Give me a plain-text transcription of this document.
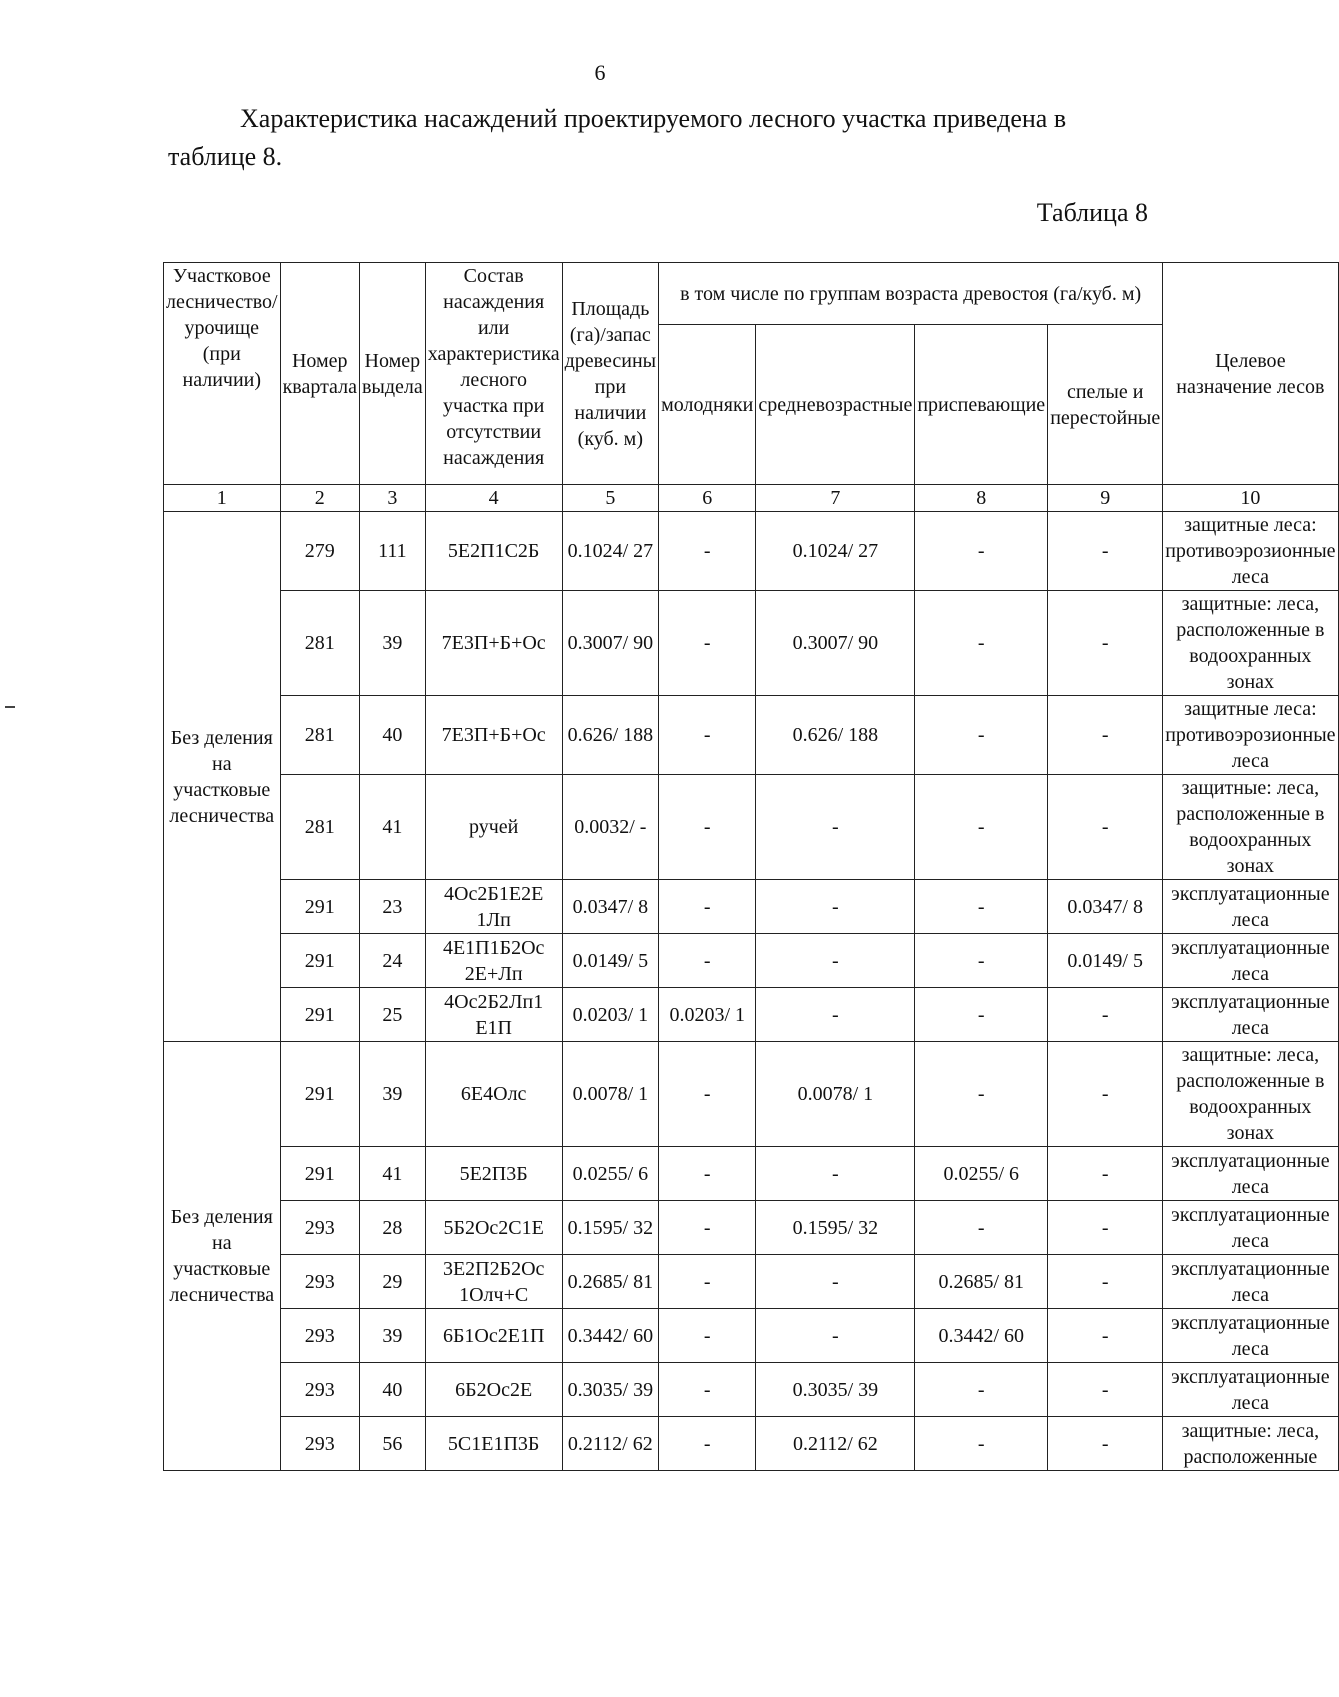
6
Характеристика насаждений проектируемого лесного участка приведена в таблице 8.
Таблица 8
Участковое лесничество/ урочище (при наличии)	Номер квартала	Номер выдела	Состав насаждения или характеристика лесного участка при отсутствии насаждения	Площадь (га)/запас древесины при наличии (куб. м)	в том числе по группам возраста древостоя (га/куб. м)				Целевое назначение лесов
					молодняки	средневозрастные	приспевающие	спелые и перестойные	
1	2	3	4	5	6	7	8	9	10
Без деления на участковые лесничества	279	111	5Е2П1С2Б	0.1024/ 27	-	0.1024/ 27	-	-	защитные леса: противоэрозионные леса
	281	39	7Е3П+Б+Ос	0.3007/ 90	-	0.3007/ 90	-	-	защитные: леса, расположенные в водоохранных зонах
	281	40	7Е3П+Б+Ос	0.626/ 188	-	0.626/ 188	-	-	защитные леса: противоэрозионные леса
	281	41	ручей	0.0032/ -	-	-	-	-	защитные: леса, расположенные в водоохранных зонах
	291	23	4Ос2Б1Е2Е 1Лп	0.0347/ 8	-	-	-	0.0347/ 8	эксплуатационные леса
	291	24	4Е1П1Б2Ос 2Е+Лп	0.0149/ 5	-	-	-	0.0149/ 5	эксплуатационные леса
	291	25	4Ос2Б2Лп1 Е1П	0.0203/ 1	0.0203/ 1	-	-	-	эксплуатационные леса
Без деления на участковые лесничества	291	39	6Е4Олс	0.0078/ 1	-	0.0078/ 1	-	-	защитные: леса, расположенные в водоохранных зонах
	291	41	5Е2П3Б	0.0255/ 6	-	-	0.0255/ 6	-	эксплуатационные леса
	293	28	5Б2Ос2С1Е	0.1595/ 32	-	0.1595/ 32	-	-	эксплуатационные леса
	293	29	3Е2П2Б2Ос 1Олч+С	0.2685/ 81	-	-	0.2685/ 81	-	эксплуатационные леса
	293	39	6Б1Ос2Е1П	0.3442/ 60	-	-	0.3442/ 60	-	эксплуатационные леса
	293	40	6Б2Ос2Е	0.3035/ 39	-	0.3035/ 39	-	-	эксплуатационные леса
	293	56	5С1Е1П3Б	0.2112/ 62	-	0.2112/ 62	-	-	защитные: леса, расположенные
